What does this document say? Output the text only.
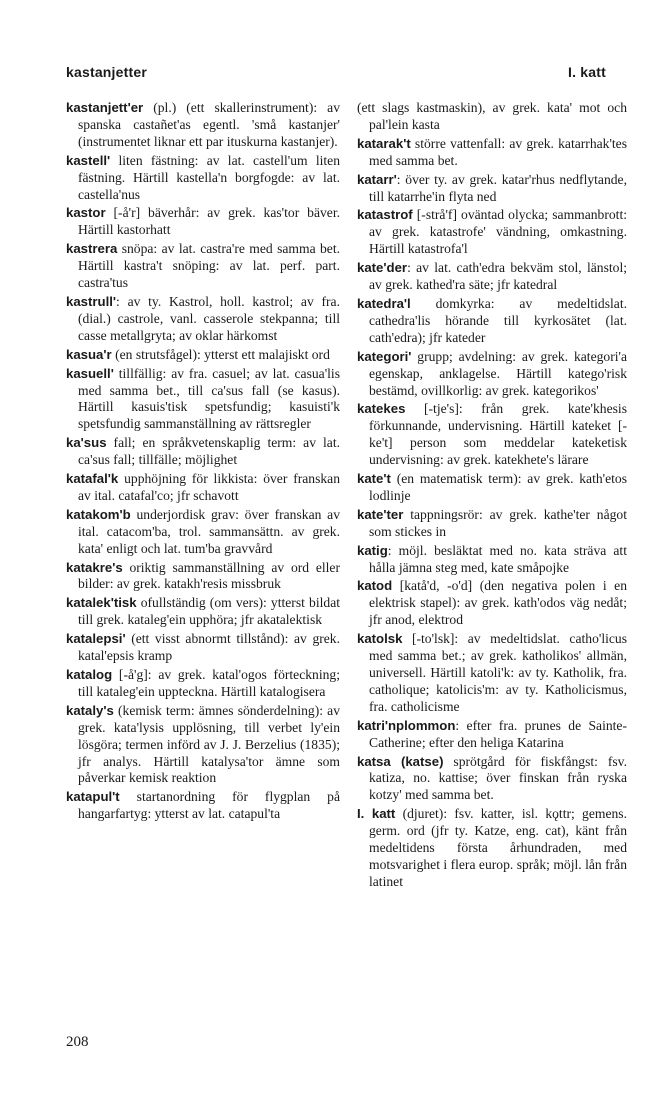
kastanjetter	I. katt

kastanjett'er (pl.) (ett skallerinstrument): av spanska castañet'as egentl. 'små kastanjer' (instrumentet liknar ett par ituskurna kastanjer).

kastell' liten fästning: av lat. castell'um liten fästning. Härtill kastella'n borgfogde: av lat. castella'nus

kastor [-å'r] bäverhår: av grek. kas'tor bäver. Härtill kastorhatt

kastrera snöpa: av lat. castra're med samma bet. Härtill kastra't snöping: av lat. perf. part. castra'tus

kastrull': av ty. Kastrol, holl. kastrol; av fra. (dial.) castrole, vanl. casserole stekpanna; till casse metallgryta; av oklar härkomst

kasua'r (en strutsfågel): ytterst ett malajiskt ord

kasuell' tillfällig: av fra. casuel; av lat. casua'lis med samma bet., till ca'sus fall (se kasus). Härtill kasuis'tisk spetsfundig; kasuisti'k spetsfundig sammanställning av rättsregler

ka'sus fall; en språkvetenskaplig term: av lat. ca'sus fall; tillfälle; möjlighet

katafal'k upphöjning för likkista: över franskan av ital. catafal'co; jfr schavott

katakom'b underjordisk grav: över franskan av ital. catacom'ba, trol. sammansättn. av grek. kata' enligt och lat. tum'ba gravvård

katakre's oriktig sammanställning av ord eller bilder: av grek. katakh'resis missbruk

katalek'tisk ofullständig (om vers): ytterst bildat till grek. kataleg'ein upphöra; jfr akatalektisk

katalepsi' (ett visst abnormt tillstånd): av grek. katal'epsis kramp

katalog [-å'g]: av grek. katal'ogos förteckning; till kataleg'ein uppteckna. Härtill katalogisera

kataly's (kemisk term: ämnes sönderdelning): av grek. kata'lysis upplösning, till verbet ly'ein lösgöra; termen införd av J. J. Berzelius (1835); jfr analys. Härtill katalysa'tor ämne som påverkar kemisk reaktion

katapul't startanordning för flygplan på hangarfartyg: ytterst av lat. catapul'ta

(ett slags kastmaskin), av grek. kata' mot och pal'lein kasta

katarak't större vattenfall: av grek. katarrhak'tes med samma bet.

katarr': över ty. av grek. katar'rhus nedflytande, till katarrhe'in flyta ned

katastrof [-strå'f] oväntad olycka; sammanbrott: av grek. katastrofe' vändning, omkastning. Härtill katastrofa'l

kate'der: av lat. cath'edra bekväm stol, länstol; av grek. kathed'ra säte; jfr katedral

katedra'l domkyrka: av medeltidslat. cathedra'lis hörande till kyrkosätet (lat. cath'edra); jfr kateder

kategori' grupp; avdelning: av grek. kategori'a egenskap, anklagelse. Härtill katego'risk bestämd, ovillkorlig: av grek. kategorikos'

katekes [-tje's]: från grek. kate'khesis förkunnande, undervisning. Härtill kateket [-ke't] person som meddelar kateketisk undervisning: av grek. katekhete's lärare

kate't (en matematisk term): av grek. kath'etos lodlinje

kate'ter tappningsrör: av grek. kathe'ter något som stickes in

katig: möjl. besläktat med no. kata sträva att hålla jämna steg med, kate småpojke

katod [katå'd, -o'd] (den negativa polen i en elektrisk stapel): av grek. kath'odos väg nedåt; jfr anod, elektrod

katolsk [-to'lsk]: av medeltidslat. catho'licus med samma bet.; av grek. katholikos' allmän, universell. Härtill katoli'k: av ty. Katholik, fra. catholique; katolicis'm: av ty. Katholicismus, fra. catholicisme

katri'nplommon: efter fra. prunes de Sainte-Catherine; efter den heliga Katarina

katsa (katse) sprötgård för fiskfångst: fsv. katiza, no. kattise; över finskan från ryska kotzy' med samma bet.

I. katt (djuret): fsv. katter, isl. kǫttr; gemens. germ. ord (jfr ty. Katze, eng. cat), känt från medeltidens första århundraden, med motsvarighet i flera europ. språk; möjl. lån från latinet

208
